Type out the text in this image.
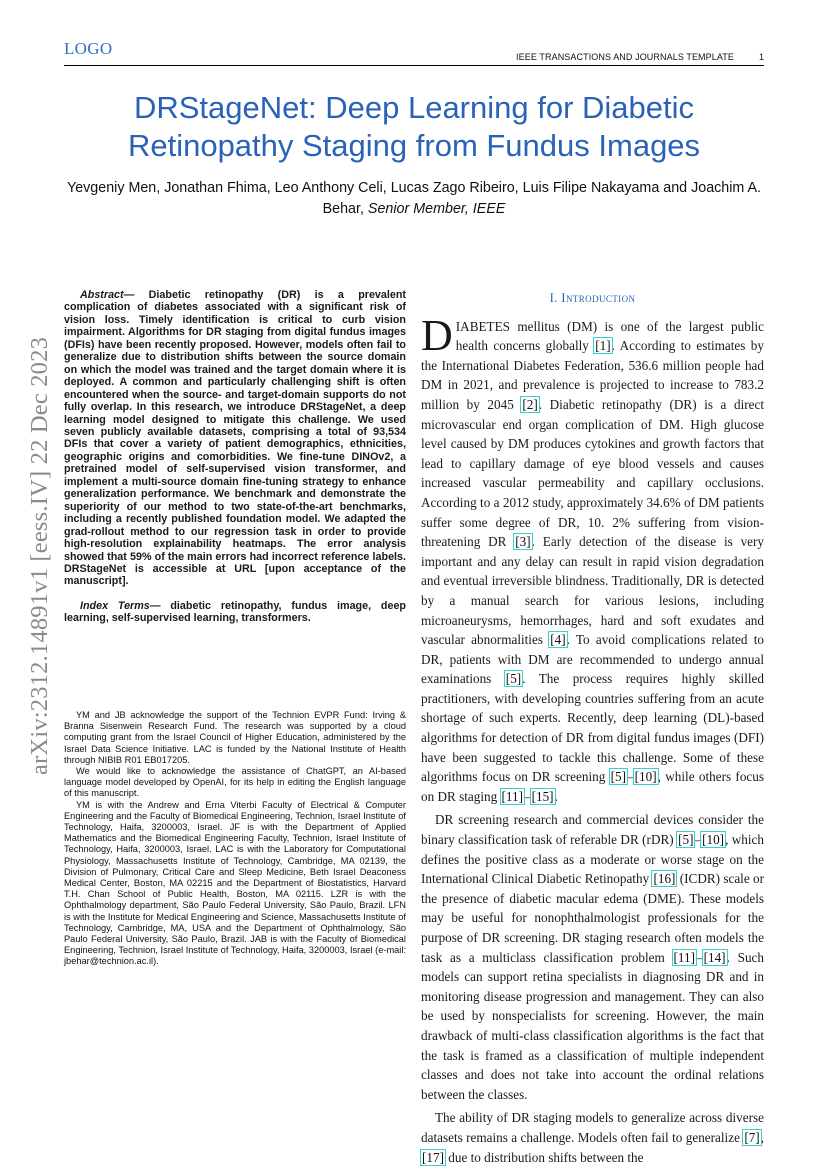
LOGO	IEEE TRANSACTIONS AND JOURNALS TEMPLATE	1
DRStageNet: Deep Learning for Diabetic Retinopathy Staging from Fundus Images
Yevgeniy Men, Jonathan Fhima, Leo Anthony Celi, Lucas Zago Ribeiro, Luis Filipe Nakayama and Joachim A. Behar, Senior Member, IEEE
arXiv:2312.14891v1 [eess.IV] 22 Dec 2023

Abstract— Diabetic retinopathy (DR) is a prevalent complication of diabetes associated with a significant risk of vision loss. Timely identification is critical to curb vision impairment. Algorithms for DR staging from digital fundus images (DFIs) have been recently proposed. However, models often fail to generalize due to distribution shifts between the source domain on which the model was trained and the target domain where it is deployed. A common and particularly challenging shift is often encountered when the source- and target-domain supports do not fully overlap. In this research, we introduce DRStageNet, a deep learning model designed to mitigate this challenge. We used seven publicly available datasets, comprising a total of 93,534 DFIs that cover a variety of patient demographics, ethnicities, geographic origins and comorbidities. We fine-tune DINOv2, a pretrained model of self-supervised vision transformer, and implement a multi-source domain fine-tuning strategy to enhance generalization performance. We benchmark and demonstrate the superiority of our method to two state-of-the-art benchmarks, including a recently published foundation model. We adapted the grad-rollout method to our regression task in order to provide high-resolution explainability heatmaps. The error analysis showed that 59% of the main errors had incorrect reference labels. DRStageNet is accessible at URL [upon acceptance of the manuscript].

Index Terms— diabetic retinopathy, fundus image, deep learning, self-supervised learning, transformers.

YM and JB acknowledge the support of the Technion EVPR Fund: Irving & Branna Sisenwein Research Fund. The research was supported by a cloud computing grant from the Israel Council of Higher Education, administered by the Israel Data Science Initiative. LAC is funded by the National Institute of Health through NIBIB R01 EB017205.

We would like to acknowledge the assistance of ChatGPT, an AI-based language model developed by OpenAI, for its help in editing the English language of this manuscript.

YM is with the Andrew and Erna Viterbi Faculty of Electrical & Computer Engineering and the Faculty of Biomedical Engineering, Technion, Israel Institute of Technology, Haifa, 3200003, Israel. JF is with the Department of Applied Mathematics and the Biomedical Engineering Faculty, Technion, Israel Institute of Technology, Haifa, 3200003, Israel. LAC is with the Laboratory for Computational Physiology, Massachusetts Institute of Technology, Cambridge, MA 02139, the Division of Pulmonary, Critical Care and Sleep Medicine, Beth Israel Deaconess Medical Center, Boston, MA 02215 and the Department of Biostatistics, Harvard T.H. Chan School of Public Health, Boston, MA 02115. LZR is with the Ophthalmology department, São Paulo Federal University, São Paulo, Brazil. LFN is with the Institute for Medical Engineering and Science, Massachusetts Institute of Technology, Cambridge, MA, USA and the Department of Ophthalmology, São Paulo Federal University, São Paulo, Brazil. JAB is with the Faculty of Biomedical Engineering, Technion, Israel Institute of Technology, Haifa, 3200003, Israel (e-mail: jbehar@technion.ac.il).

I. Introduction

DIABETES mellitus (DM) is one of the largest public health concerns globally [1]. According to estimates by the International Diabetes Federation, 536.6 million people had DM in 2021, and prevalence is projected to increase to 783.2 million by 2045 [2]. Diabetic retinopathy (DR) is a direct microvascular end organ complication of DM. High glucose level caused by DM produces cytokines and growth factors that lead to capillary damage of eye blood vessels and causes increased vascular permeability and capillary occlusions. According to a 2012 study, approximately 34.6% of DM patients suffer some degree of DR, 10. 2% suffering from vision-threatening DR [3]. Early detection of the disease is very important and any delay can result in rapid vision degradation and eventual irreversible blindness. Traditionally, DR is detected by a manual search for various lesions, including microaneurysms, hemorrhages, hard and soft exudates and vascular abnormalities [4]. To avoid complications related to DR, patients with DM are recommended to undergo annual examinations [5]. The process requires highly skilled practitioners, with developing countries suffering from an acute shortage of such experts. Recently, deep learning (DL)-based algorithms for detection of DR from digital fundus images (DFI) have been suggested to tackle this challenge. Some of these algorithms focus on DR screening [5]–[10], while others focus on DR staging [11]–[15].

DR screening research and commercial devices consider the binary classification task of referable DR (rDR) [5]–[10], which defines the positive class as a moderate or worse stage on the International Clinical Diabetic Retinopathy [16] (ICDR) scale or the presence of diabetic macular edema (DME). These models may be useful for nonophthalmologist professionals for the purpose of DR screening. DR staging research often models the task as a multiclass classification problem [11]–[14]. Such models can support retina specialists in diagnosing DR and in monitoring disease progression and management. They can also be used by nonspecialists for screening. However, the main drawback of multi-class classification algorithms is the fact that the task is framed as a classification of multiple independent classes and does not take into account the ordinal relations between the classes.

The ability of DR staging models to generalize across diverse datasets remains a challenge. Models often fail to generalize [7], [17] due to distribution shifts between the
